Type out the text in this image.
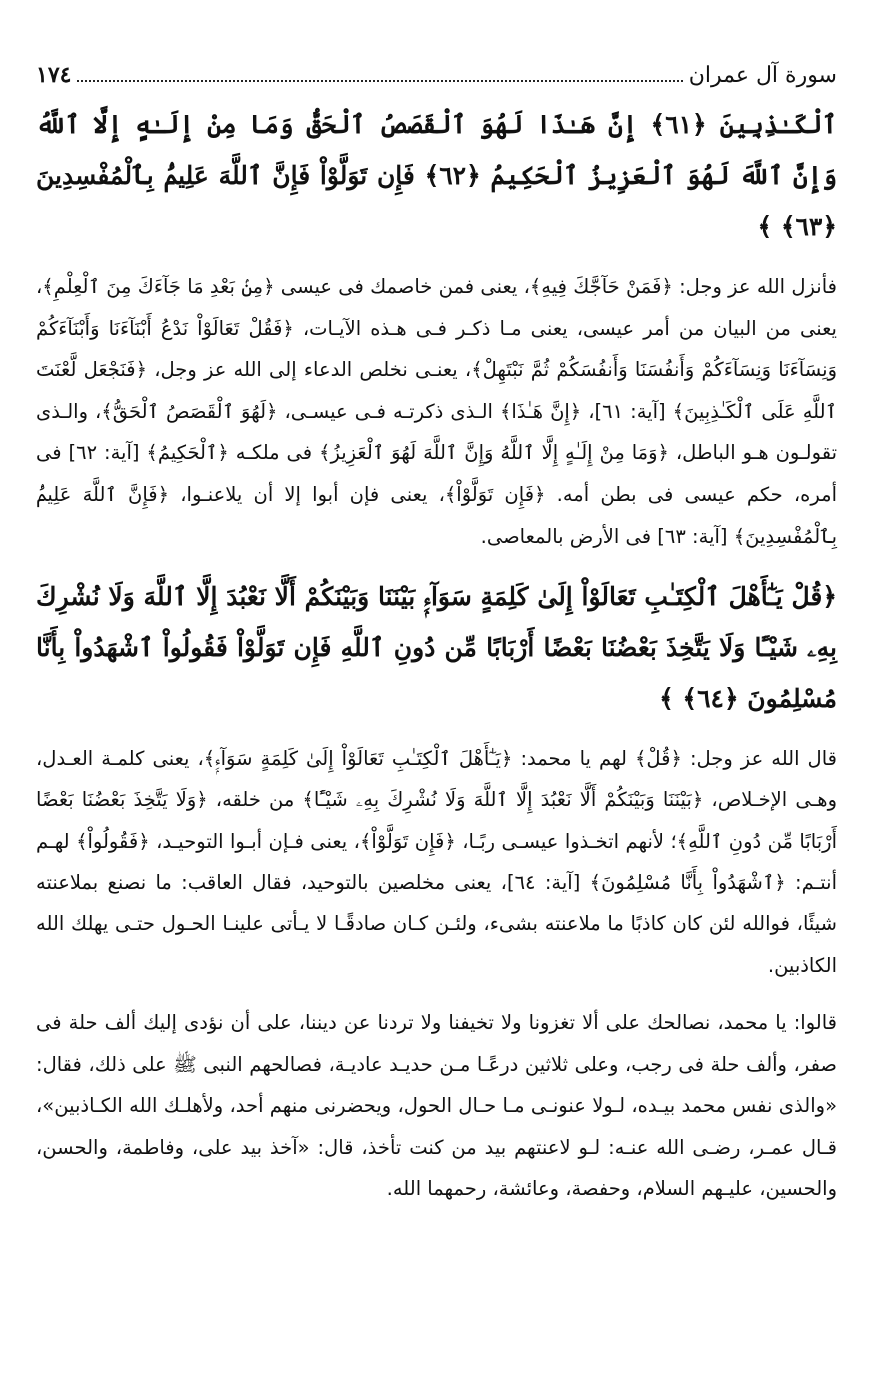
سورة آل عمران
١٧٤

ٱلْكَـٰذِبِينَ ﴿٦١﴾ إِنَّ هَـٰذَا لَهُوَ ٱلْقَصَصُ ٱلْحَقُّ وَمَا مِنْ إِلَـٰهٍ إِلَّا ٱللَّهُ وَإِنَّ ٱللَّهَ لَهُوَ ٱلْعَزِيزُ ٱلْحَكِيمُ ﴿٦٢﴾ فَإِن تَوَلَّوْاْ فَإِنَّ ٱللَّهَ عَلِيمُۢ بِٱلْمُفْسِدِينَ ﴿٦٣﴾ ﴾

فأنزل الله عز وجل: ﴿فَمَنْ حَآجَّكَ فِيهِ﴾، يعنى فمن خاصمك فى عيسى ﴿مِنۢ بَعْدِ مَا جَآءَكَ مِنَ ٱلْعِلْمِ﴾، يعنى من البيان من أمر عيسى، يعنى مـا ذكـر فـى هـذه الآيـات، ﴿فَقُلْ تَعَالَوْاْ نَدْعُ أَبْنَآءَنَا وَأَبْنَآءَكُمْ وَنِسَآءَنَا وَنِسَآءَكُمْ وَأَنفُسَنَا وَأَنفُسَكُمْ ثُمَّ نَبْتَهِلْ﴾، يعنـى نخلص الدعاء إلى الله عز وجل، ﴿فَنَجْعَل لَّعْنَتَ ٱللَّهِ عَلَى ٱلْكَـٰذِبِينَ﴾ [آية: ٦١]، ﴿إِنَّ هَـٰذَا﴾ الـذى ذكرتـه فـى عيسـى، ﴿لَهُوَ ٱلْقَصَصُ ٱلْحَقُّ﴾، والـذى تقولـون هـو الباطل، ﴿وَمَا مِنْ إِلَـٰهٍ إِلَّا ٱللَّهُ وَإِنَّ ٱللَّهَ لَهُوَ ٱلْعَزِيزُ﴾ فى ملكـه ﴿ٱلْحَكِيمُ﴾ [آية: ٦٢] فى أمره، حكم عيسى فى بطن أمه. ﴿فَإِن تَوَلَّوْاْ﴾، يعنى فإن أبوا إلا أن يلاعنـوا، ﴿فَإِنَّ ٱللَّهَ عَلِيمُۢ بِٱلْمُفْسِدِينَ﴾ [آية: ٦٣] فى الأرض بالمعاصى.

﴿قُلْ يَـٰٓأَهْلَ ٱلْكِتَـٰبِ تَعَالَوْاْ إِلَىٰ كَلِمَةٍ سَوَآءِۭ بَيْنَنَا وَبَيْنَكُمْ أَلَّا نَعْبُدَ إِلَّا ٱللَّهَ وَلَا نُشْرِكَ بِهِۦ شَيْـًٔا وَلَا يَتَّخِذَ بَعْضُنَا بَعْضًا أَرْبَابًا مِّن دُونِ ٱللَّهِ فَإِن تَوَلَّوْاْ فَقُولُواْ ٱشْهَدُواْ بِأَنَّا مُسْلِمُونَ ﴿٦٤﴾ ﴾

قال الله عز وجل: ﴿قُلْ﴾ لهم يا محمد: ﴿يَـٰٓأَهْلَ ٱلْكِتَـٰبِ تَعَالَوْاْ إِلَىٰ كَلِمَةٍ سَوَآءِۭ﴾، يعنى كلمـة العـدل، وهـى الإخـلاص، ﴿بَيْنَنَا وَبَيْنَكُمْ أَلَّا نَعْبُدَ إِلَّا ٱللَّهَ وَلَا نُشْرِكَ بِهِۦ شَيْـًٔا﴾ من خلقه، ﴿وَلَا يَتَّخِذَ بَعْضُنَا بَعْضًا أَرْبَابًا مِّن دُونِ ٱللَّهِ﴾؛ لأنهم اتخـذوا عيسـى ربًـا، ﴿فَإِن تَوَلَّوْاْ﴾، يعنى فـإن أبـوا التوحيـد، ﴿فَقُولُواْ﴾ لهـم أنتـم: ﴿ٱشْهَدُواْ بِأَنَّا مُسْلِمُونَ﴾ [آية: ٦٤]، يعنى مخلصين بالتوحيد، فقال العاقب: ما نصنع بملاعنته شيئًا، فوالله لئن كان كاذبًا ما ملاعنته بشىء، ولئـن كـان صادقًـا لا يـأتى علينـا الحـول حتـى يهلك الله الكاذبين.

قالوا: يا محمد، نصالحك على ألا تغزونا ولا تخيفنا ولا تردنا عن ديننا، على أن نؤدى إليك ألف حلة فى صفر، وألف حلة فى رجب، وعلى ثلاثين درعًـا مـن حديـد عاديـة، فصالحهم النبى ﷺ على ذلك، فقال: «والذى نفس محمد بيـده، لـولا عنونـى مـا حـال الحول، ويحضرنى منهم أحد، ولأهلـك الله الكـاذبين»، قـال عمـر، رضـى الله عنـه: لـو لاعنتهم بيد من كنت تأخذ، قال: «آخذ بيد على، وفاطمة، والحسن، والحسين، عليـهم السلام، وحفصة، وعائشة، رحمهما الله.
